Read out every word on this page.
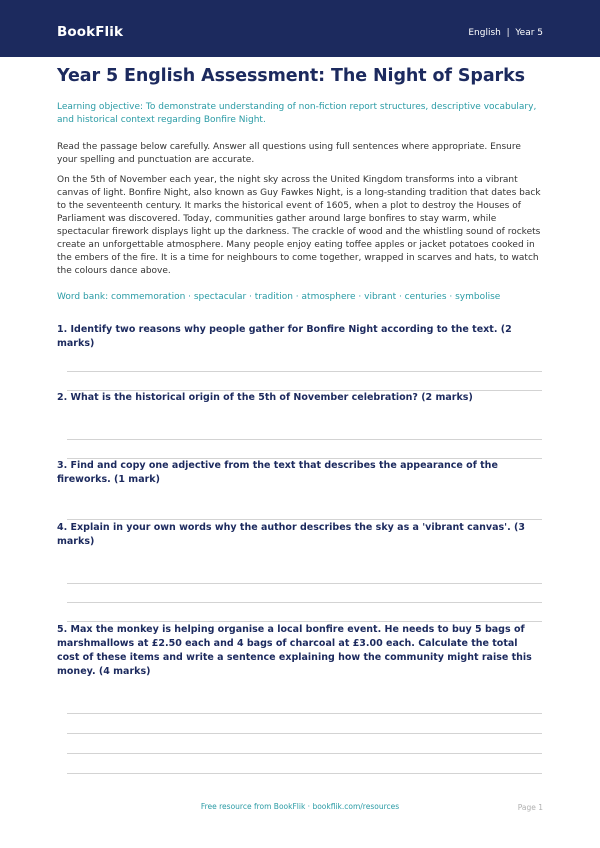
BookFlik	English  |  Year 5
Year 5 English Assessment: The Night of Sparks
Learning objective: To demonstrate understanding of non-fiction report structures, descriptive vocabulary, and historical context regarding Bonfire Night.
Read the passage below carefully. Answer all questions using full sentences where appropriate. Ensure your spelling and punctuation are accurate.
On the 5th of November each year, the night sky across the United Kingdom transforms into a vibrant canvas of light. Bonfire Night, also known as Guy Fawkes Night, is a long-standing tradition that dates back to the seventeenth century. It marks the historical event of 1605, when a plot to destroy the Houses of Parliament was discovered. Today, communities gather around large bonfires to stay warm, while spectacular firework displays light up the darkness. The crackle of wood and the whistling sound of rockets create an unforgettable atmosphere. Many people enjoy eating toffee apples or jacket potatoes cooked in the embers of the fire. It is a time for neighbours to come together, wrapped in scarves and hats, to watch the colours dance above.
Word bank: commemoration · spectacular · tradition · atmosphere · vibrant · centuries · symbolise
1. Identify two reasons why people gather for Bonfire Night according to the text. (2 marks)
2. What is the historical origin of the 5th of November celebration? (2 marks)
3. Find and copy one adjective from the text that describes the appearance of the fireworks. (1 mark)
4. Explain in your own words why the author describes the sky as a 'vibrant canvas'. (3 marks)
5. Max the monkey is helping organise a local bonfire event. He needs to buy 5 bags of marshmallows at £2.50 each and 4 bags of charcoal at £3.00 each. Calculate the total cost of these items and write a sentence explaining how the community might raise this money. (4 marks)
Free resource from BookFlik · bookflik.com/resources	Page 1
